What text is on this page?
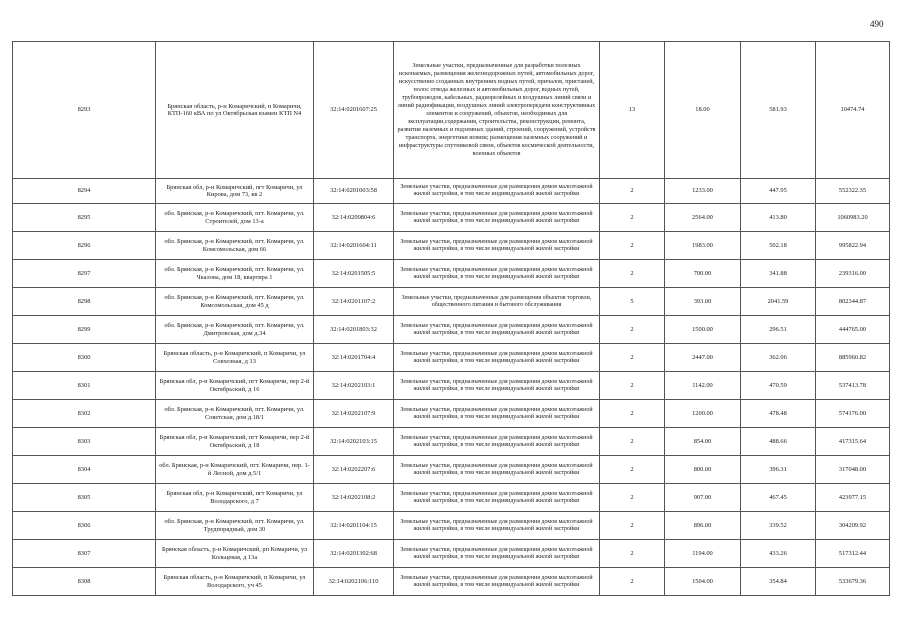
490
8293	Брянская область, р-н Комаричский, п Комаричи, КТП-160 кВА по ул Октябрьская взамен КТП N4	32:14:0201607:25	Земельные участки, предназначенные для разработки полезных ископаемых, размещения железнодорожных путей, автомобильных дорог, искусственно созданных внутренних водных путей, причалов, пристаней, полос отвода железных и автомобильных дорог, водных путей, трубопроводов, кабельных, радиорелейных и воздушных линий связи и линий радиофикации, воздушных линий электропередачи конструктивных элементов и сооружений, объектов, необходимых для эксплуатации,содержания, строительства, реконструкции, ремонта, развития наземных и подземных зданий, строений, сооружений, устройств транспорта, энергетики исвязи; размещения наземных сооружений и инфраструктуры спутниковой связи, объектов космической деятельности, военных объектов	13	18.00	581.93	10474.74
8294	Брянская обл, р-н Комаричский, пгт Комаричи, ул Кирова, дом 73, кв 2	32:14:0201003:58	Земельные участки, предназначенные для размещения домов малоэтажной жилой застройки, в том числе индивидуальной жилой застройки	2	1233.00	447.95	552322.35
8295	обл. Брянская, р-н Комаричский, пгт. Комаричи, ул. Строителей, дом 13-а	32:14:0200804:6	Земельные участки, предназначенные для размещения домов малоэтажной жилой застройки, в том числе индивидуальной жилой застройки	2	2564.00	413.80	1060983.20
8296	обл. Брянская, р-н Комаричский, пгт. Комаричи, ул. Комсомольская, дом 66	32:14:0201604:11	Земельные участки, предназначенные для размещения домов малоэтажной жилой застройки, в том числе индивидуальной жилой застройки	2	1983.00	502.18	995822.94
8297	обл. Брянская, р-н Комаричский, пгт. Комаричи, ул. Чкалова, дом 18, квартира 1	32:14:0201505:5	Земельные участки, предназначенные для размещения домов малоэтажной жилой застройки, в том числе индивидуальной жилой застройки	2	700.00	341.88	239316.00
8298	обл. Брянская, р-н Комаричский, пгт. Комаричи, ул. Комсомольская, дом 45 д	32:14:0201107:2	Земельные участки, предназначенные для размещения объектов торговли, общественного питания и бытового обслуживания	5	393.00	2041.59	802344.87
8299	обл. Брянская, р-н Комаричский, пгт. Комаричи, ул. Дмитровская, дом д.34	32:14:0201803:32	Земельные участки, предназначенные для размещения домов малоэтажной жилой застройки, в том числе индивидуальной жилой застройки	2	1500.00	296.51	444765.00
8300	Брянская область, р-н Комаричский, п Комаричи, ул Совхозная, д 13	32:14:0201704:4	Земельные участки, предназначенные для размещения домов малоэтажной жилой застройки, в том числе индивидуальной жилой застройки	2	2447.00	362.06	885960.82
8301	Брянская обл, р-н Комаричский, пгт Комаричи, пер 2-й Октябрьский, д 16	32:14:0202103:1	Земельные участки, предназначенные для размещения домов малоэтажной жилой застройки, в том числе индивидуальной жилой застройки	2	1142.00	470.59	537413.78
8302	обл. Брянская, р-н Комаричский, пгт. Комаричи, ул. Советская, дом д.18/1	32:14:0202107:9	Земельные участки, предназначенные для размещения домов малоэтажной жилой застройки, в том числе индивидуальной жилой застройки	2	1200.00	478.48	574176.00
8303	Брянская обл, р-н Комаричский, пгт Комаричи, пер 2-й Октябрьский, д 18	32:14:0202103:15	Земельные участки, предназначенные для размещения домов малоэтажной жилой застройки, в том числе индивидуальной жилой застройки	2	854.00	488.66	417315.64
8304	обл. Брянская, р-н Комаричский, пгт. Комаричи, пер. 1-й Лесной, дом д.5/1	32:14:0202207:6	Земельные участки, предназначенные для размещения домов малоэтажной жилой застройки, в том числе индивидуальной жилой застройки	2	800.00	396.31	317048.00
8305	Брянская обл, р-н Комаричский, пгт Комаричи, ул Володарского, д 7	32:14:0202108:2	Земельные участки, предназначенные для размещения домов малоэтажной жилой застройки, в том числе индивидуальной жилой застройки	2	907.00	467.45	423977.15
8306	обл. Брянская, р-н Комаричский, пгт. Комаричи, ул. Трудпорядный, дом 30	32:14:0201104:15	Земельные участки, предназначенные для размещения домов малоэтажной жилой застройки, в том числе индивидуальной жилой застройки	2	896.00	339.52	304209.92
8307	Брянская область, р-н Комаричский, рп Комаричи, ул Кольцевая, д 13а	32:14:0201302:68	Земельные участки, предназначенные для размещения домов малоэтажной жилой застройки, в том числе индивидуальной жилой застройки	2	1194.00	433.26	517312.44
8308	Брянская область, р-н Комаричский, п Комаричи, ул Володарского, уч 45	32:14:0202106:110	Земельные участки, предназначенные для размещения домов малоэтажной жилой застройки, в том числе индивидуальной жилой застройки	2	1504.00	354.84	533679.36
